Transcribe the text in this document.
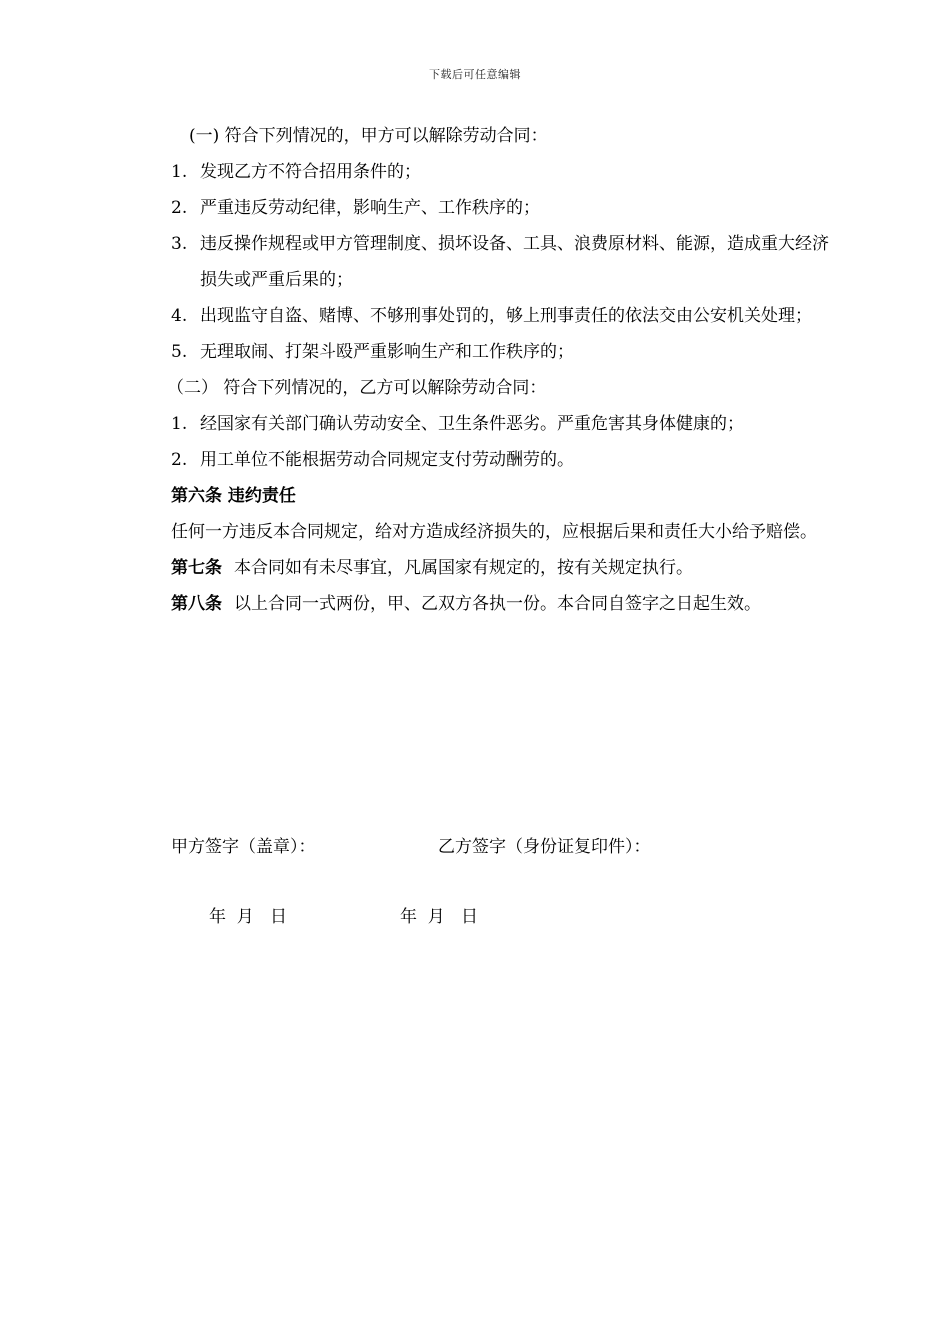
下载后可任意编辑
(一) 符合下列情况的，甲方可以解除劳动合同：
1. 发现乙方不符合招用条件的；
2. 严重违反劳动纪律，影响生产、工作秩序的；
3. 违反操作规程或甲方管理制度、损坏设备、工具、浪费原材料、能源，造成重大经济损失或严重后果的；
4. 出现监守自盗、赌博、不够刑事处罚的，够上刑事责任的依法交由公安机关处理；
5. 无理取闹、打架斗殴严重影响生产和工作秩序的；
（二） 符合下列情况的，乙方可以解除劳动合同：
1. 经国家有关部门确认劳动安全、卫生条件恶劣。严重危害其身体健康的；
2. 用工单位不能根据劳动合同规定支付劳动酬劳的。
第六条 违约责任
任何一方违反本合同规定，给对方造成经济损失的，应根据后果和责任大小给予赔偿。
第七条 本合同如有未尽事宜，凡属国家有规定的，按有关规定执行。
第八条 以上合同一式两份，甲、乙双方各执一份。本合同自签字之日起生效。
甲方签字（盖章）：	乙方签字（身份证复印件）：
年  月   日	年  月   日
